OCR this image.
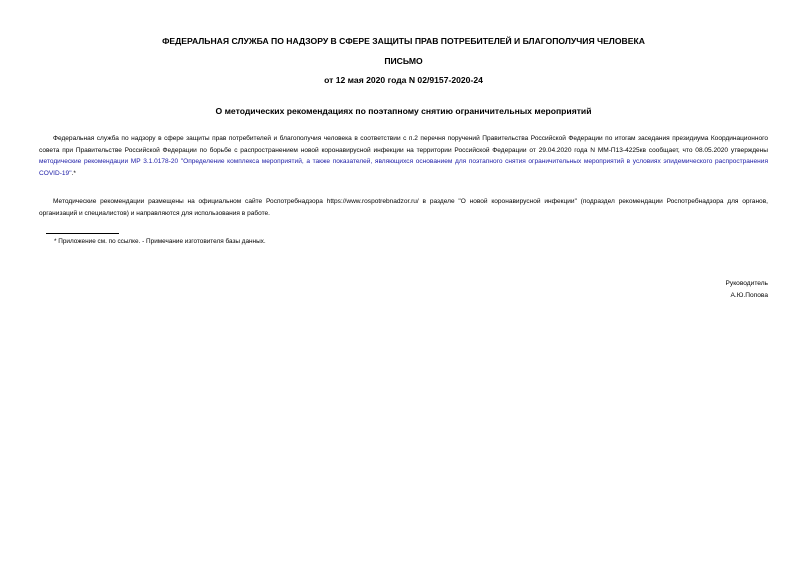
ФЕДЕРАЛЬНАЯ СЛУЖБА ПО НАДЗОРУ В СФЕРЕ ЗАЩИТЫ ПРАВ ПОТРЕБИТЕЛЕЙ И БЛАГОПОЛУЧИЯ ЧЕЛОВЕКА
ПИСЬМО
от 12 мая 2020 года N 02/9157-2020-24
О методических рекомендациях по поэтапному снятию ограничительных мероприятий
Федеральная служба по надзору в сфере защиты прав потребителей и благополучия человека в соответствии с п.2 перечня поручений Правительства Российской Федерации по итогам заседания президиума Координационного совета при Правительстве Российской Федерации по борьбе с распространением новой коронавирусной инфекции на территории Российской Федерации от 29.04.2020 года N ММ-П13-4225кв сообщает, что 08.05.2020 утверждены методические рекомендации МР 3.1.0178-20 "Определение комплекса мероприятий, а также показателей, являющихся основанием для поэтапного снятия ограничительных мероприятий в условиях эпидемического распространения COVID-19".*
Методические рекомендации размещены на официальном сайте Роспотребнадзора https://www.rospotrebnadzor.ru/ в разделе "О новой коронавирусной инфекции" (подраздел рекомендации Роспотребнадзора для органов, организаций и специалистов) и направляются для использования в работе.
* Приложение см. по ссылке. - Примечание изготовителя базы данных.
Руководитель
А.Ю.Попова
